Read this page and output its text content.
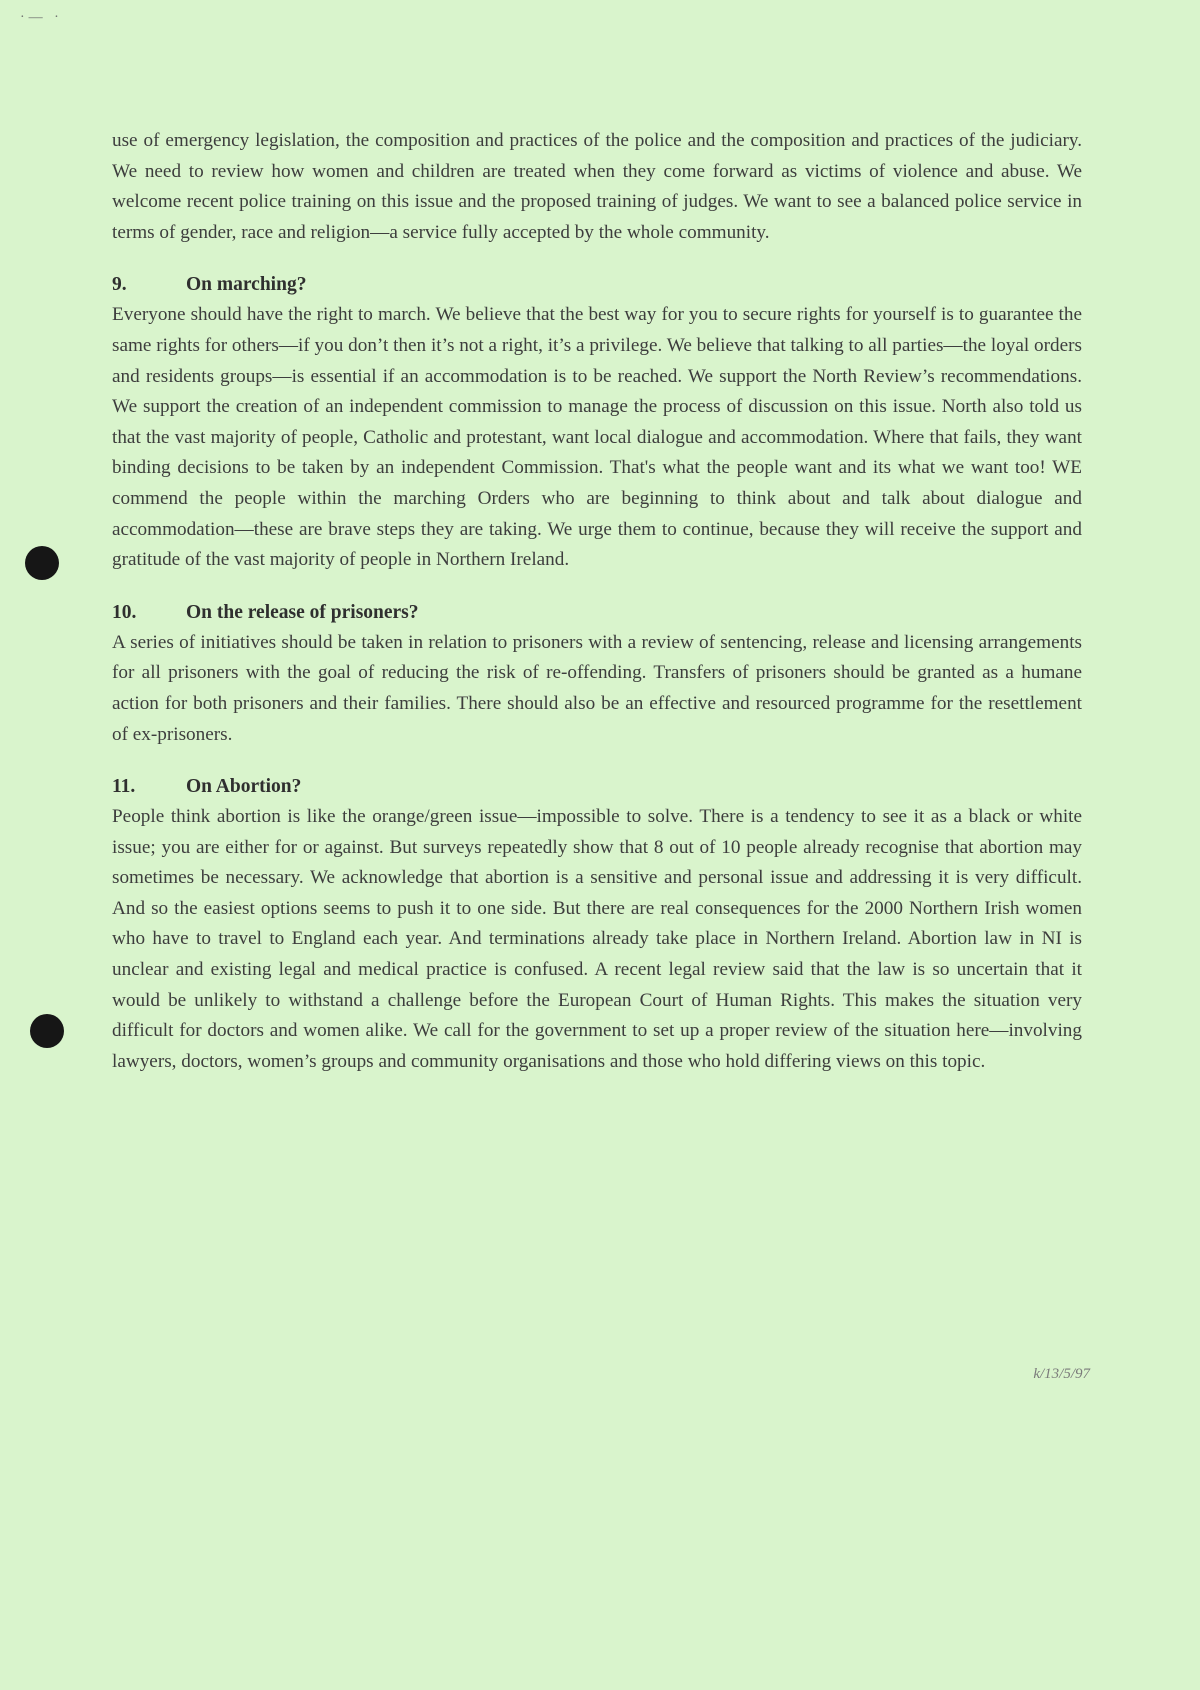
·— ·

use of emergency legislation, the composition and practices of the police and the composition and practices of the judiciary. We need to review how women and children are treated when they come forward as victims of violence and abuse. We welcome recent police training on this issue and the proposed training of judges. We want to see a balanced police service in terms of gender, race and religion—a service fully accepted by the whole community.

9.	On marching?

Everyone should have the right to march. We believe that the best way for you to secure rights for yourself is to guarantee the same rights for others—if you don’t then it’s not a right, it’s a privilege. We believe that talking to all parties—the loyal orders and residents groups—is essential if an accommodation is to be reached. We support the North Review’s recommendations. We support the creation of an independent commission to manage the process of discussion on this issue. North also told us that the vast majority of people, Catholic and protestant, want local dialogue and accommodation. Where that fails, they want binding decisions to be taken by an independent Commission. That's what the people want and its what we want too! WE commend the people within the marching Orders who are beginning to think about and talk about dialogue and accommodation—these are brave steps they are taking. We urge them to continue, because they will receive the support and gratitude of the vast majority of people in Northern Ireland.

10.	On the release of prisoners?

A series of initiatives should be taken in relation to prisoners with a review of sentencing, release and licensing arrangements for all prisoners with the goal of reducing the risk of re-offending. Transfers of prisoners should be granted as a humane action for both prisoners and their families. There should also be an effective and resourced programme for the resettlement of ex-prisoners.

11.	On Abortion?

People think abortion is like the orange/green issue—impossible to solve. There is a tendency to see it as a black or white issue; you are either for or against. But surveys repeatedly show that 8 out of 10 people already recognise that abortion may sometimes be necessary. We acknowledge that abortion is a sensitive and personal issue and addressing it is very difficult. And so the easiest options seems to push it to one side. But there are real consequences for the 2000 Northern Irish women who have to travel to England each year. And terminations already take place in Northern Ireland. Abortion law in NI is unclear and existing legal and medical practice is confused. A recent legal review said that the law is so uncertain that it would be unlikely to withstand a challenge before the European Court of Human Rights. This makes the situation very difficult for doctors and women alike. We call for the government to set up a proper review of the situation here—involving lawyers, doctors, women’s groups and community organisations and those who hold differing views on this topic.

k/13/5/97
